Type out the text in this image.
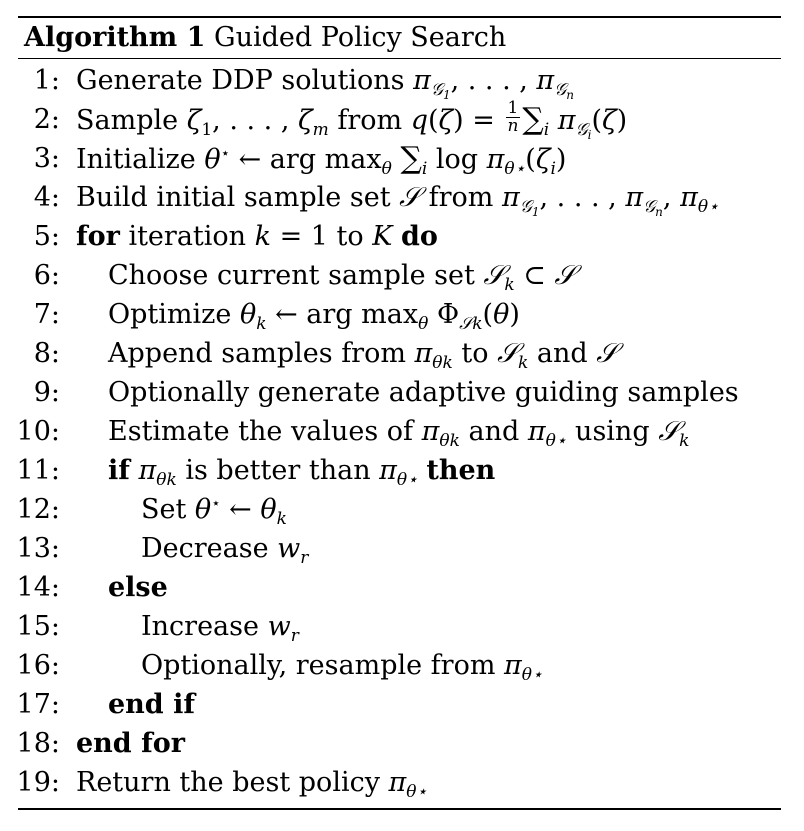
Algorithm 1 Guided Policy Search
1: Generate DDP solutions $\pi_{𝒢_1}$, . . . , $\pi_{𝒢_n}$
2: Sample $\zeta_1$, . . . , $\zeta_m$ from $q(\zeta) = \frac{1}{n} \sum_i$ $\pi_{𝒢_i}(\zeta)$
3: Initialize θ⋆ ← arg $\max_\theta \sum_i$ $\log \pi_{\theta⋆}(\zeta_i)$
4: Build initial sample set 𝒮 from $\pi_{𝒢_1}$, . . . , $\pi_{𝒢_n}$, $\pi_{\theta⋆}$
5: for iteration k = 1 to K do
6: Choose current sample set 𝒮$_k$ ⊂ 𝒮
7: Optimize $\theta_k$ ← arg $\max_\theta \Phi_{𝒮k}(\theta)$
8: Append samples from $\pi_{\theta k}$ to 𝒮$_k$ and 𝒮
9: Optionally generate adaptive guiding samples
10: Estimate the values of $\pi_{\theta k}$ and $\pi_{\theta⋆}$ using 𝒮$_k$
11: if $\pi_{\theta k}$ is better than $\pi_{\theta⋆}$ then
12:	Set θ⋆ ← $\theta_k$
13:	Decrease $w_r$
14: else
15:	Increase $w_r$
16:	Optionally, resample from $\pi_{\theta⋆}$
17: end if
18: end for
19: Return the best policy $\pi_{\theta⋆}$
